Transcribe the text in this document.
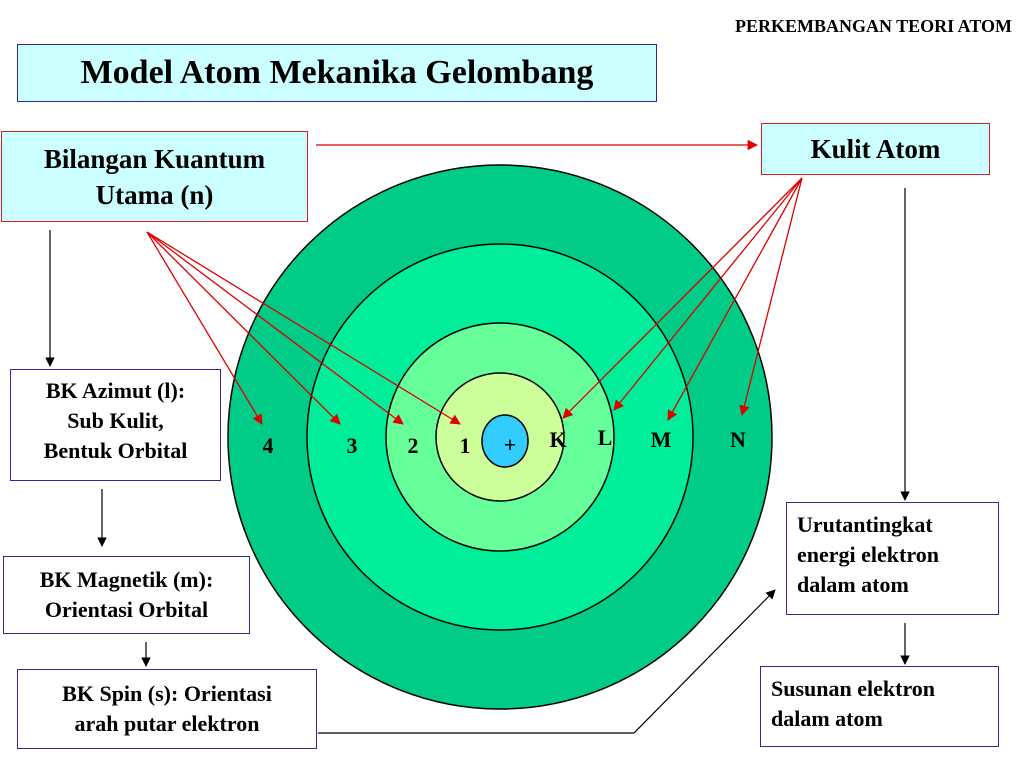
PERKEMBANGAN TEORI ATOM
Model Atom Mekanika Gelombang
Bilangan Kuantum
Utama (n)
Kulit Atom
BK Azimut (l):
Sub Kulit,
Bentuk Orbital
BK Magnetik (m):
Orientasi Orbital
BK Spin (s): Orientasi
arah putar elektron
Urutantingkat
energi elektron
dalam atom
Susunan elektron
dalam atom
+
4	3 2 1	K L M	N
